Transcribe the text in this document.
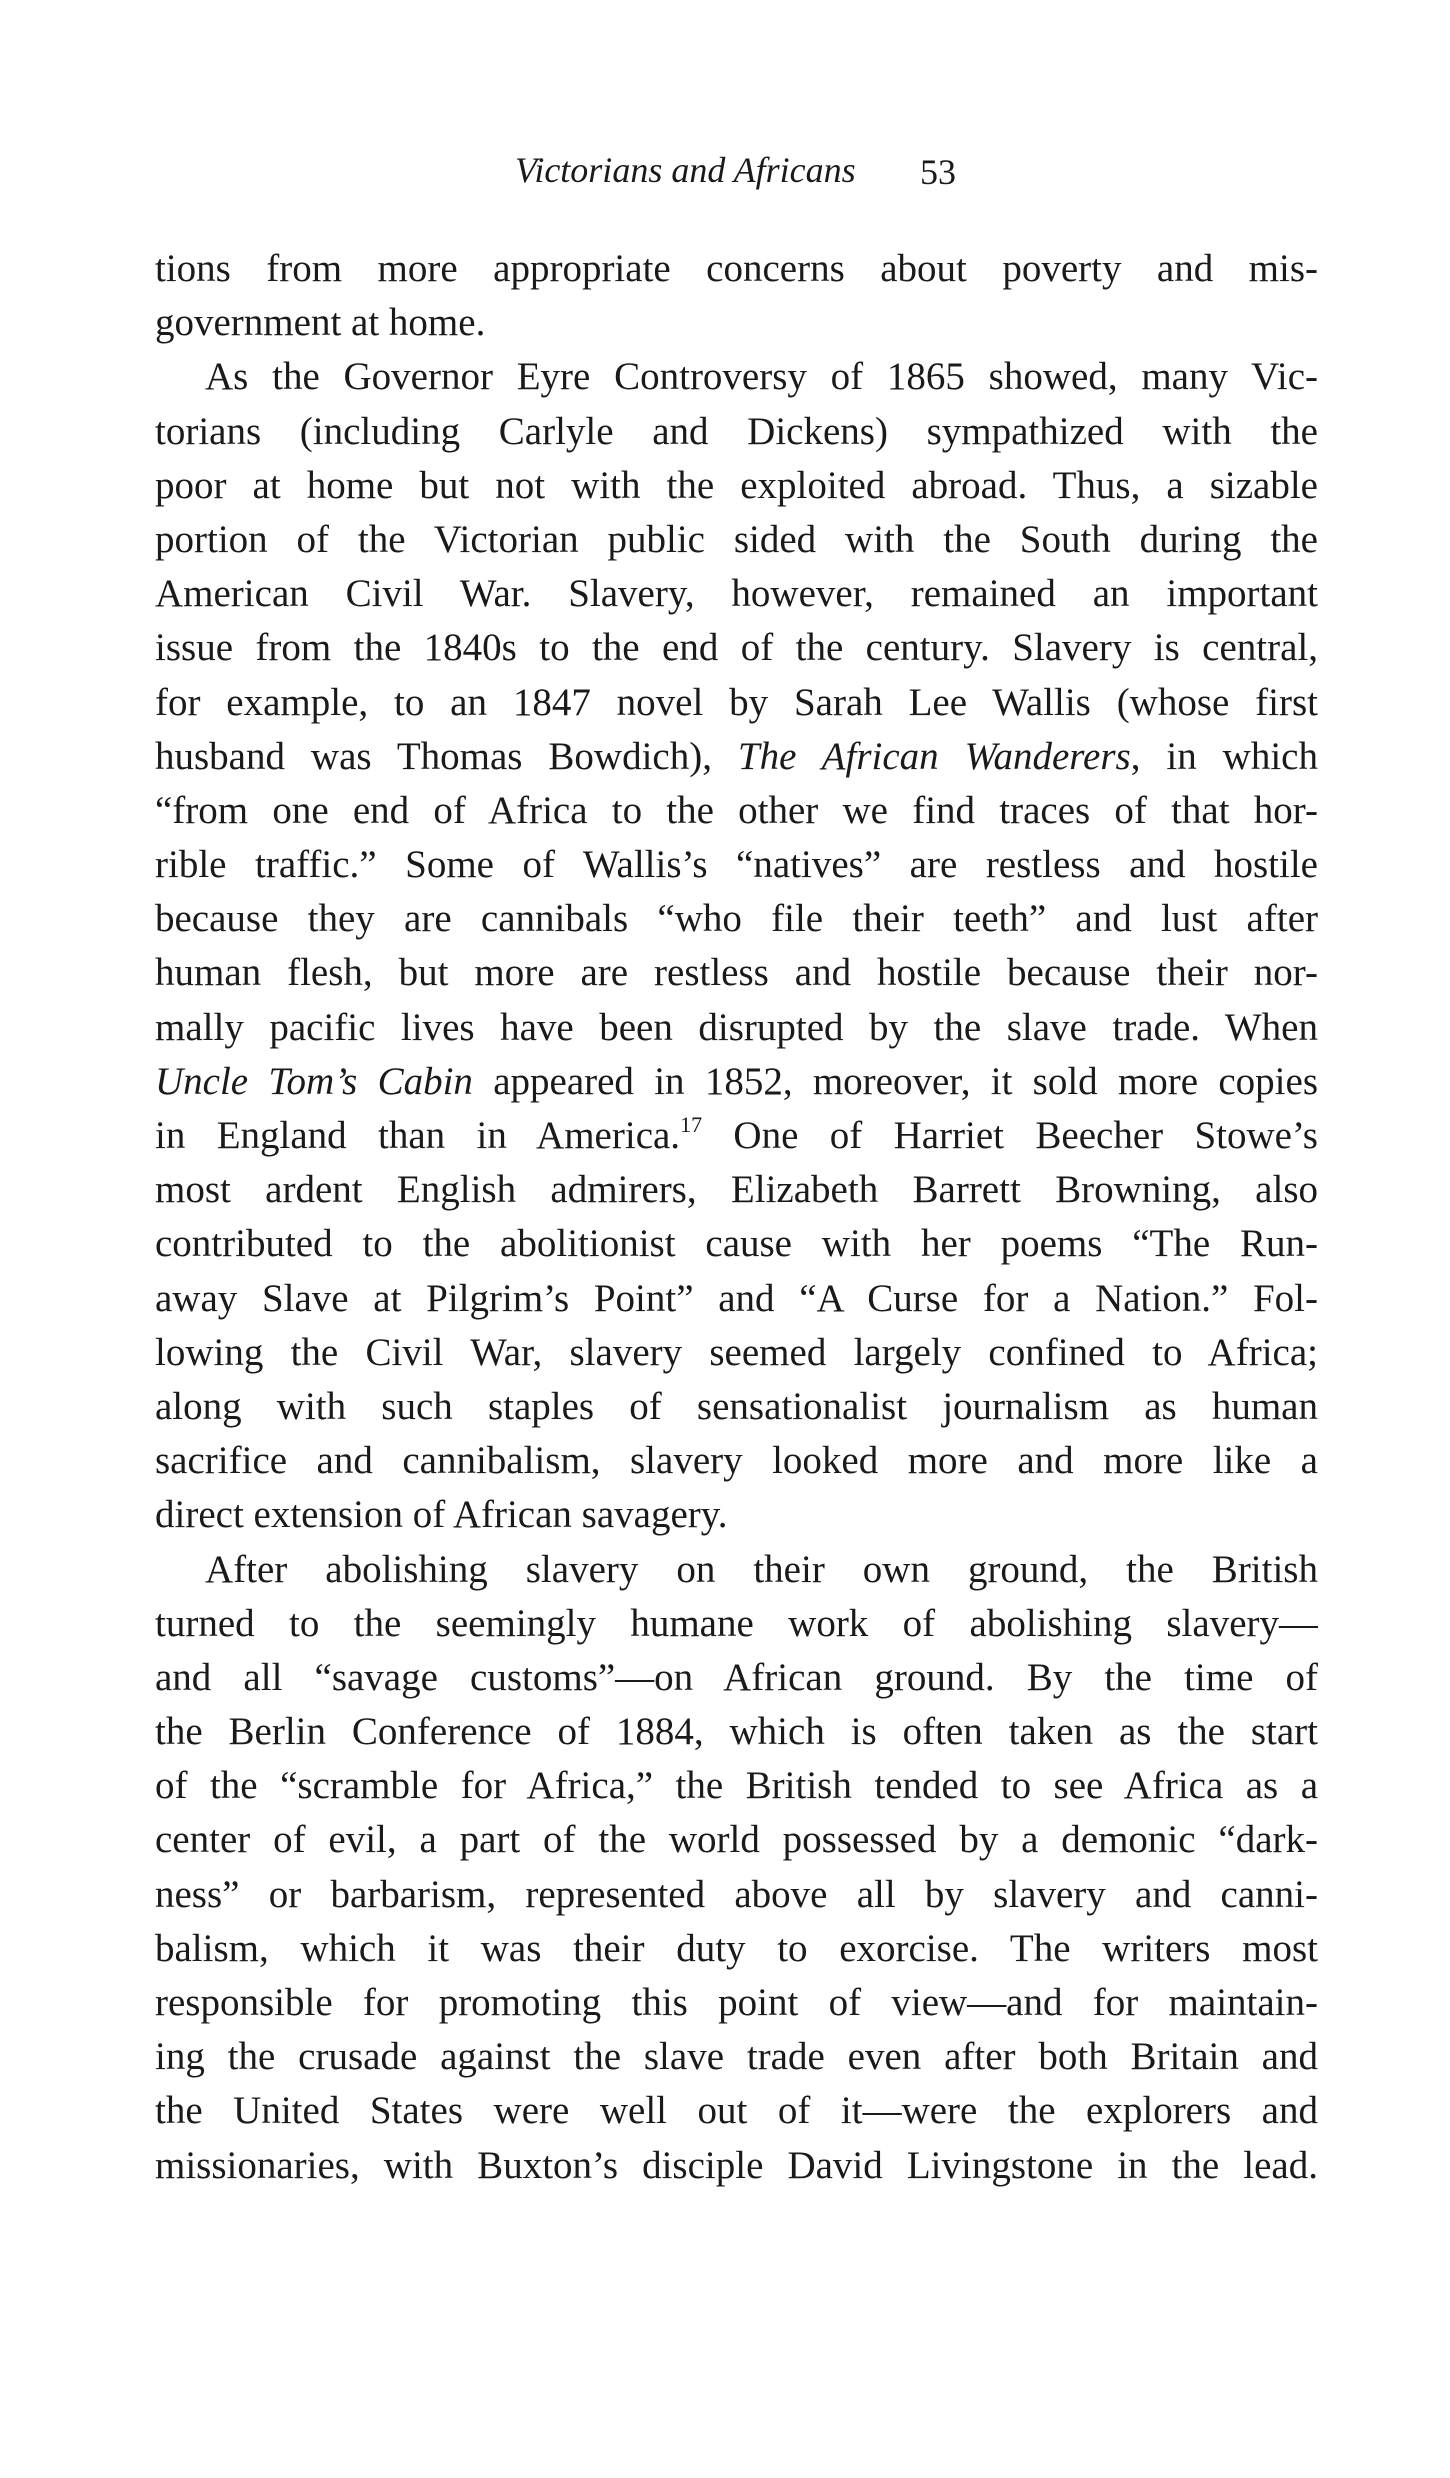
Victorians and Africans 53
tions from more appropriate concerns about poverty and mis-
government at home.
As the Governor Eyre Controversy of 1865 showed, many Vic-
torians (including Carlyle and Dickens) sympathized with the
poor at home but not with the exploited abroad. Thus, a sizable
portion of the Victorian public sided with the South during the
American Civil War. Slavery, however, remained an important
issue from the 1840s to the end of the century. Slavery is central,
for example, to an 1847 novel by Sarah Lee Wallis (whose first
husband was Thomas Bowdich), The African Wanderers, in which
“from one end of Africa to the other we find traces of that hor-
rible traffic.” Some of Wallis’s “natives” are restless and hostile
because they are cannibals “who file their teeth” and lust after
human flesh, but more are restless and hostile because their nor-
mally pacific lives have been disrupted by the slave trade. When
Uncle Tom’s Cabin appeared in 1852, moreover, it sold more copies
in England than in America.$^{17}$ One of Harriet Beecher Stowe’s
most ardent English admirers, Elizabeth Barrett Browning, also
contributed to the abolitionist cause with her poems “The Run-
away Slave at Pilgrim’s Point” and “A Curse for a Nation.” Fol-
lowing the Civil War, slavery seemed largely confined to Africa;
along with such staples of sensationalist journalism as human
sacrifice and cannibalism, slavery looked more and more like a
direct extension of African savagery.
After abolishing slavery on their own ground, the British
turned to the seemingly humane work of abolishing slavery—
and all “savage customs”—on African ground. By the time of
the Berlin Conference of 1884, which is often taken as the start
of the “scramble for Africa,” the British tended to see Africa as a
center of evil, a part of the world possessed by a demonic “dark-
ness” or barbarism, represented above all by slavery and canni-
balism, which it was their duty to exorcise. The writers most
responsible for promoting this point of view—and for maintain-
ing the crusade against the slave trade even after both Britain and
the United States were well out of it—were the explorers and
missionaries, with Buxton’s disciple David Livingstone in the lead.
